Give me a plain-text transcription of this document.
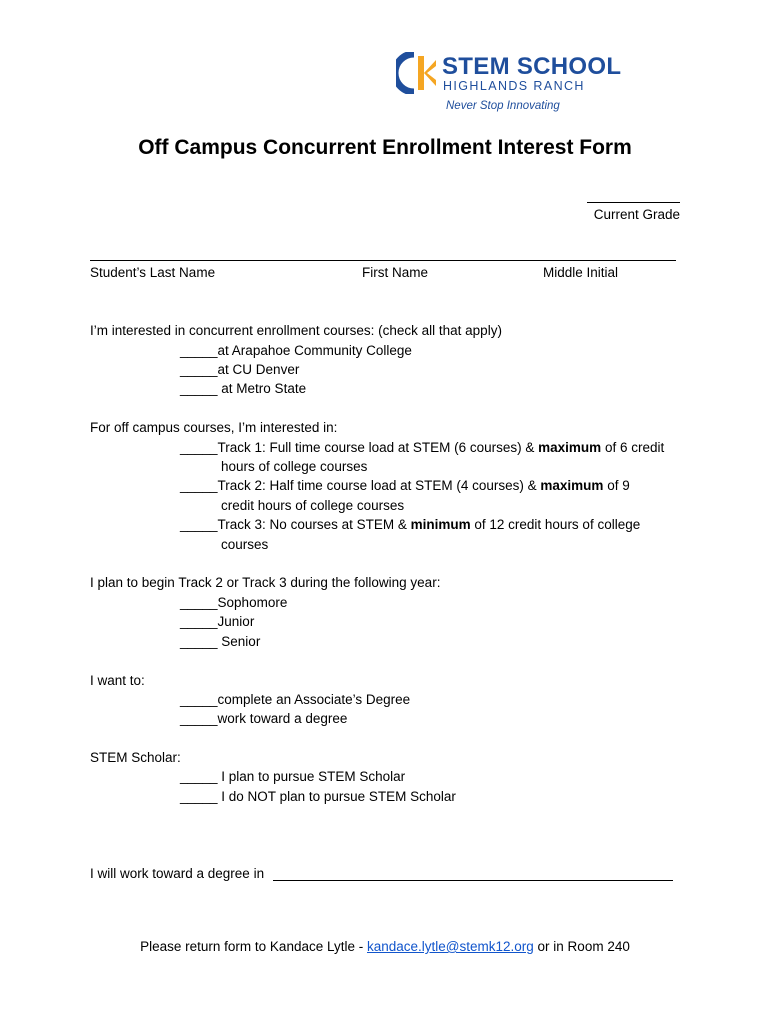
STEM SCHOOL
HIGHLANDS RANCH
Never Stop Innovating
Off Campus Concurrent Enrollment Interest Form
Current Grade
Student’s Last Name	First Name	Middle Initial
I’m interested in concurrent enrollment courses: (check all that apply)
_____at Arapahoe Community College
_____at CU Denver
_____ at Metro State
For off campus courses, I’m interested in:
_____Track 1: Full time course load at STEM (6 courses) & maximum of 6 credit
hours of college courses
_____Track 2: Half time course load at STEM (4 courses) & maximum of 9
credit hours of college courses
_____Track 3: No courses at STEM & minimum of 12 credit hours of college
courses
I plan to begin Track 2 or Track 3 during the following year:
_____Sophomore
_____Junior
_____ Senior
I want to:
_____complete an Associate’s Degree
_____work toward a degree
STEM Scholar:
_____ I plan to pursue STEM Scholar
_____ I do NOT plan to pursue STEM Scholar
I will work toward a degree in
Please return form to Kandace Lytle - kandace.lytle@stemk12.org or in Room 240
